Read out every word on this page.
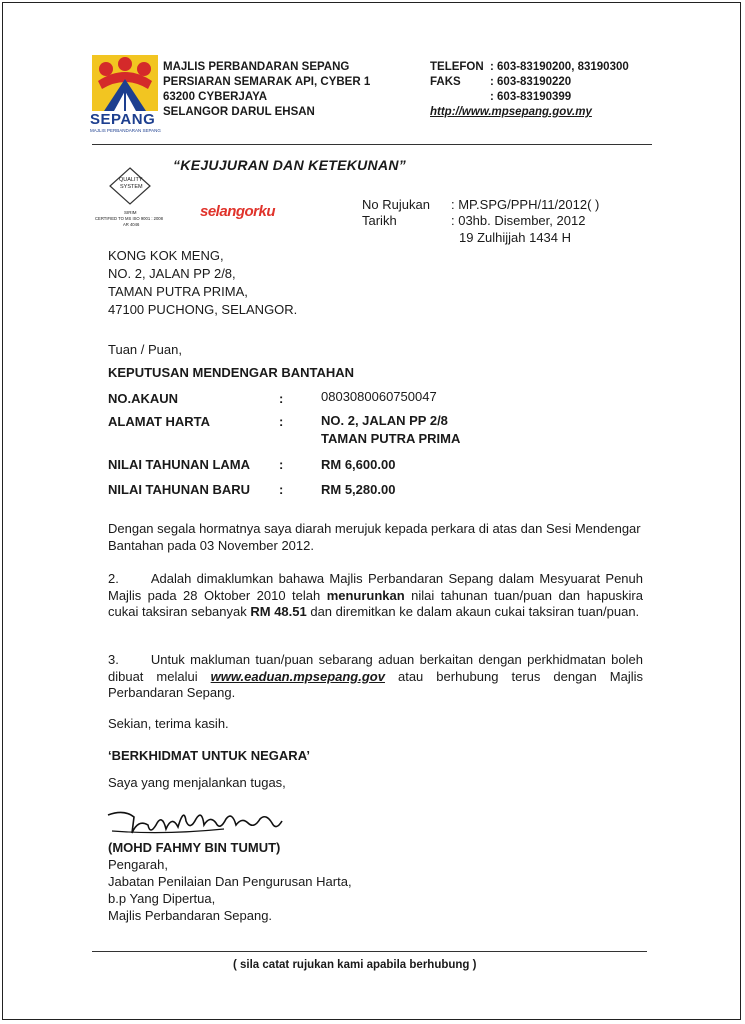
SEPANG
MAJLIS PERBANDARAN SEPANG
MAJLIS PERBANDARAN SEPANG
PERSIARAN SEMARAK API, CYBER 1
63200 CYBERJAYA
SELANGOR DARUL EHSAN
TELEFON : 603-83190200, 83190300
FAKS	: 603-83190220
: 603-83190399
http://www.mpsepang.gov.my
“KEJUJURAN DAN KETEKUNAN”
QUALITY
SYSTEM
SIRIM
CERTIFIED TO MS ISO 9001 : 2008
AR 4046
selangorku	No Rujukan : MP.SPG/PPH/11/2012( )
Tarikh	: 03hb. Disember, 2012
19 Zulhijjah 1434 H
KONG KOK MENG,
NO. 2, JALAN PP 2/8,
TAMAN PUTRA PRIMA,
47100 PUCHONG, SELANGOR.
Tuan / Puan,
KEPUTUSAN MENDENGAR BANTAHAN
NO.AKAUN	:	0803080060750047
ALAMAT HARTA	:	NO. 2, JALAN PP 2/8
TAMAN PUTRA PRIMA
NILAI TAHUNAN LAMA :	RM 6,600.00
NILAI TAHUNAN BARU :	RM 5,280.00
Dengan segala hormatnya saya diarah merujuk kepada perkara di atas dan Sesi Mendengar Bantahan pada 03 November 2012.
2. Adalah dimaklumkan bahawa Majlis Perbandaran Sepang dalam Mesyuarat Penuh Majlis pada 28 Oktober 2010 telah menurunkan nilai tahunan tuan/puan dan hapuskira cukai taksiran sebanyak RM 48.51 dan diremitkan ke dalam akaun cukai taksiran tuan/puan.
3. Untuk makluman tuan/puan sebarang aduan berkaitan dengan perkhidmatan boleh dibuat melalui www.eaduan.mpsepang.gov atau berhubung terus dengan Majlis Perbandaran Sepang.
Sekian, terima kasih.
‘BERKHIDMAT UNTUK NEGARA’
Saya yang menjalankan tugas,
(MOHD FAHMY BIN TUMUT)
Pengarah,
Jabatan Penilaian Dan Pengurusan Harta,
b.p Yang Dipertua,
Majlis Perbandaran Sepang.
( sila catat rujukan kami apabila berhubung )
